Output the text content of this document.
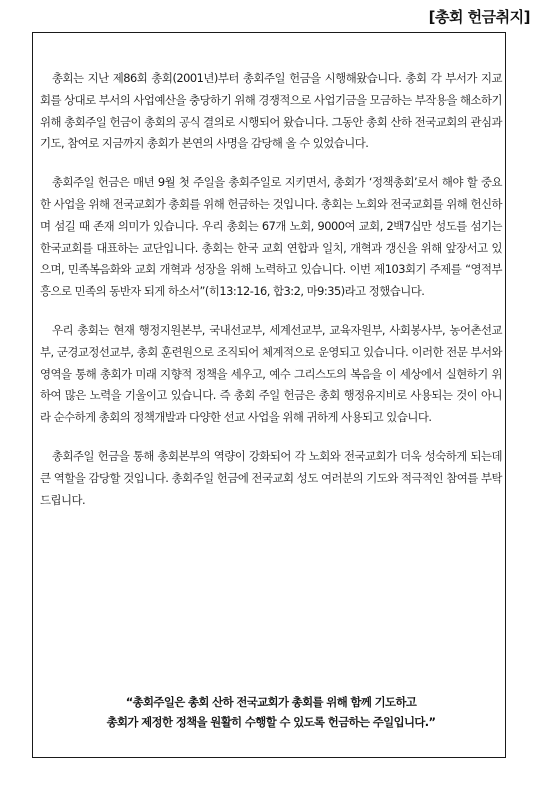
[총회 헌금취지]

총회는 지난 제86회 총회(2001년)부터 총회주일 헌금을 시행해왔습니다. 총회 각 부서가 지교회를 상대로 부서의 사업예산을 충당하기 위해 경쟁적으로 사업기금을 모금하는 부작용을 해소하기 위해 총회주일 헌금이 총회의 공식 결의로 시행되어 왔습니다. 그동안 총회 산하 전국교회의 관심과 기도, 참여로 지금까지 총회가 본연의 사명을 감당해 올 수 있었습니다.

총회주일 헌금은 매년 9월 첫 주일을 총회주일로 지키면서, 총회가 ‘정책총회’로서 해야 할 중요한 사업을 위해 전국교회가 총회를 위해 헌금하는 것입니다. 총회는 노회와 전국교회를 위해 헌신하며 섬길 때 존재 의미가 있습니다. 우리 총회는 67개 노회, 9000여 교회, 2백7십만 성도를 섬기는 한국교회를 대표하는 교단입니다. 총회는 한국 교회 연합과 일치, 개혁과 갱신을 위해 앞장서고 있으며, 민족복음화와 교회 개혁과 성장을 위해 노력하고 있습니다. 이번 제103회기 주제를 “영적부흥으로 민족의 동반자 되게 하소서”(히13:12-16, 합3:2, 마9:35)라고 정했습니다.

우리 총회는 현재 행정지원본부, 국내선교부, 세계선교부, 교육자원부, 사회봉사부, 농어촌선교부, 군경교정선교부, 총회 훈련원으로 조직되어 체계적으로 운영되고 있습니다. 이러한 전문 부서와 영역을 통해 총회가 미래 지향적 정책을 세우고, 예수 그리스도의 복음을 이 세상에서 실현하기 위하여 많은 노력을 기울이고 있습니다. 즉 총회 주일 헌금은 총회 행정유지비로 사용되는 것이 아니라 순수하게 총회의 정책개발과 다양한 선교 사업을 위해 귀하게 사용되고 있습니다.

총회주일 헌금을 통해 총회본부의 역량이 강화되어 각 노회와 전국교회가 더욱 성숙하게 되는데 큰 역할을 감당할 것입니다. 총회주일 헌금에 전국교회 성도 여러분의 기도와 적극적인 참여를 부탁드립니다.

“총회주일은 총회 산하 전국교회가 총회를 위해 함께 기도하고
총회가 제정한 정책을 원활히 수행할 수 있도록 헌금하는 주일입니다.”
